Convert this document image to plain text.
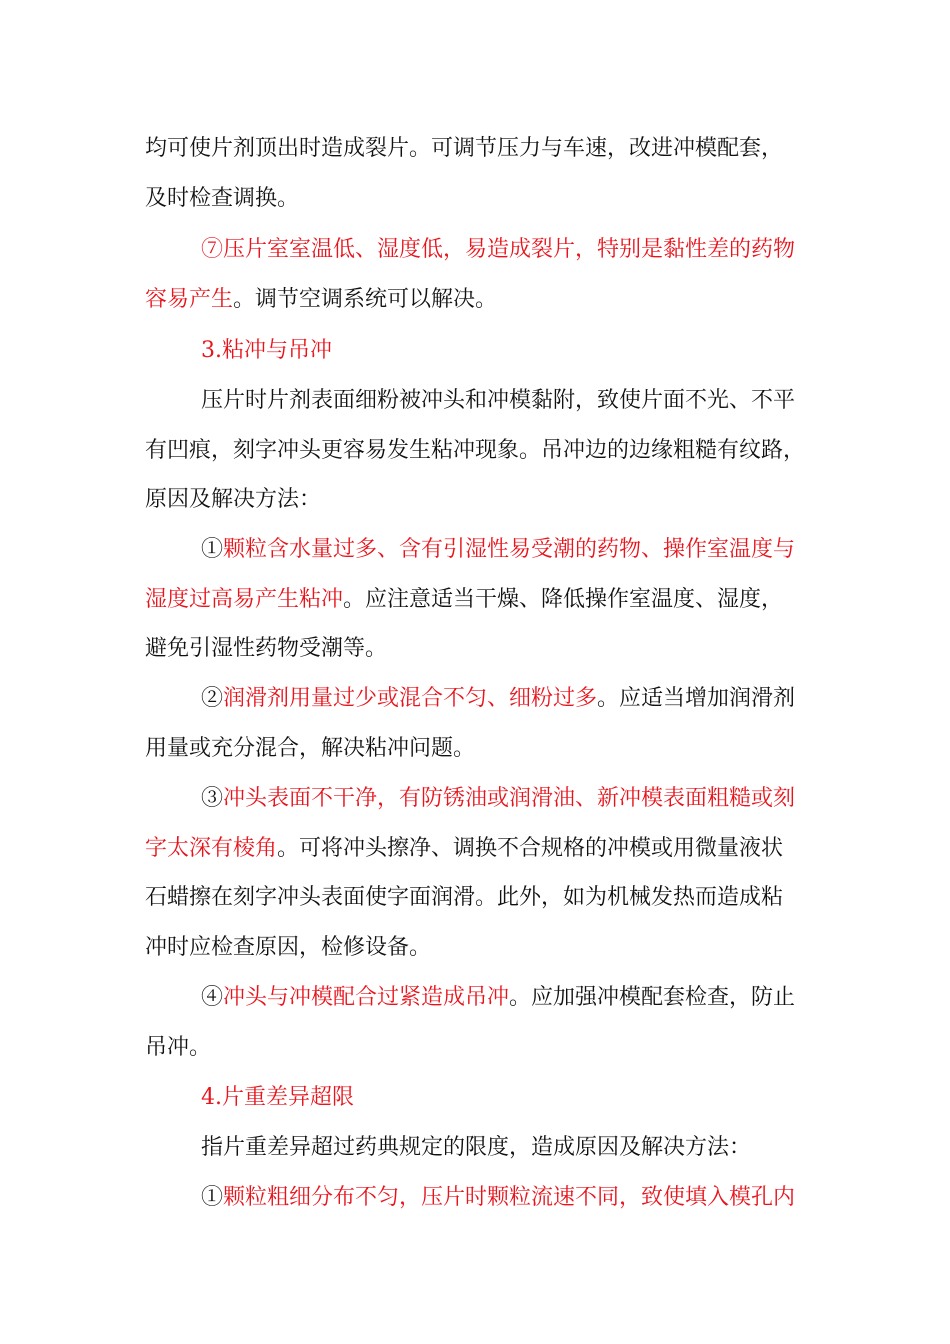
均可使片剂顶出时造成裂片。可调节压力与车速，改进冲模配套，
及时检查调换。
⑦压片室室温低、湿度低，易造成裂片，特别是黏性差的药物
容易产生。调节空调系统可以解决。
3.粘冲与吊冲
压片时片剂表面细粉被冲头和冲模黏附，致使片面不光、不平
有凹痕，刻字冲头更容易发生粘冲现象。吊冲边的边缘粗糙有纹路，
原因及解决方法：
①颗粒含水量过多、含有引湿性易受潮的药物、操作室温度与
湿度过高易产生粘冲。应注意适当干燥、降低操作室温度、湿度，
避免引湿性药物受潮等。
②润滑剂用量过少或混合不匀、细粉过多。应适当增加润滑剂
用量或充分混合，解决粘冲问题。
③冲头表面不干净，有防锈油或润滑油、新冲模表面粗糙或刻
字太深有棱角。可将冲头擦净、调换不合规格的冲模或用微量液状
石蜡擦在刻字冲头表面使字面润滑。此外，如为机械发热而造成粘
冲时应检查原因，检修设备。
④冲头与冲模配合过紧造成吊冲。应加强冲模配套检查，防止
吊冲。
4.片重差异超限
指片重差异超过药典规定的限度，造成原因及解决方法：
①颗粒粗细分布不匀，压片时颗粒流速不同，致使填入模孔内
